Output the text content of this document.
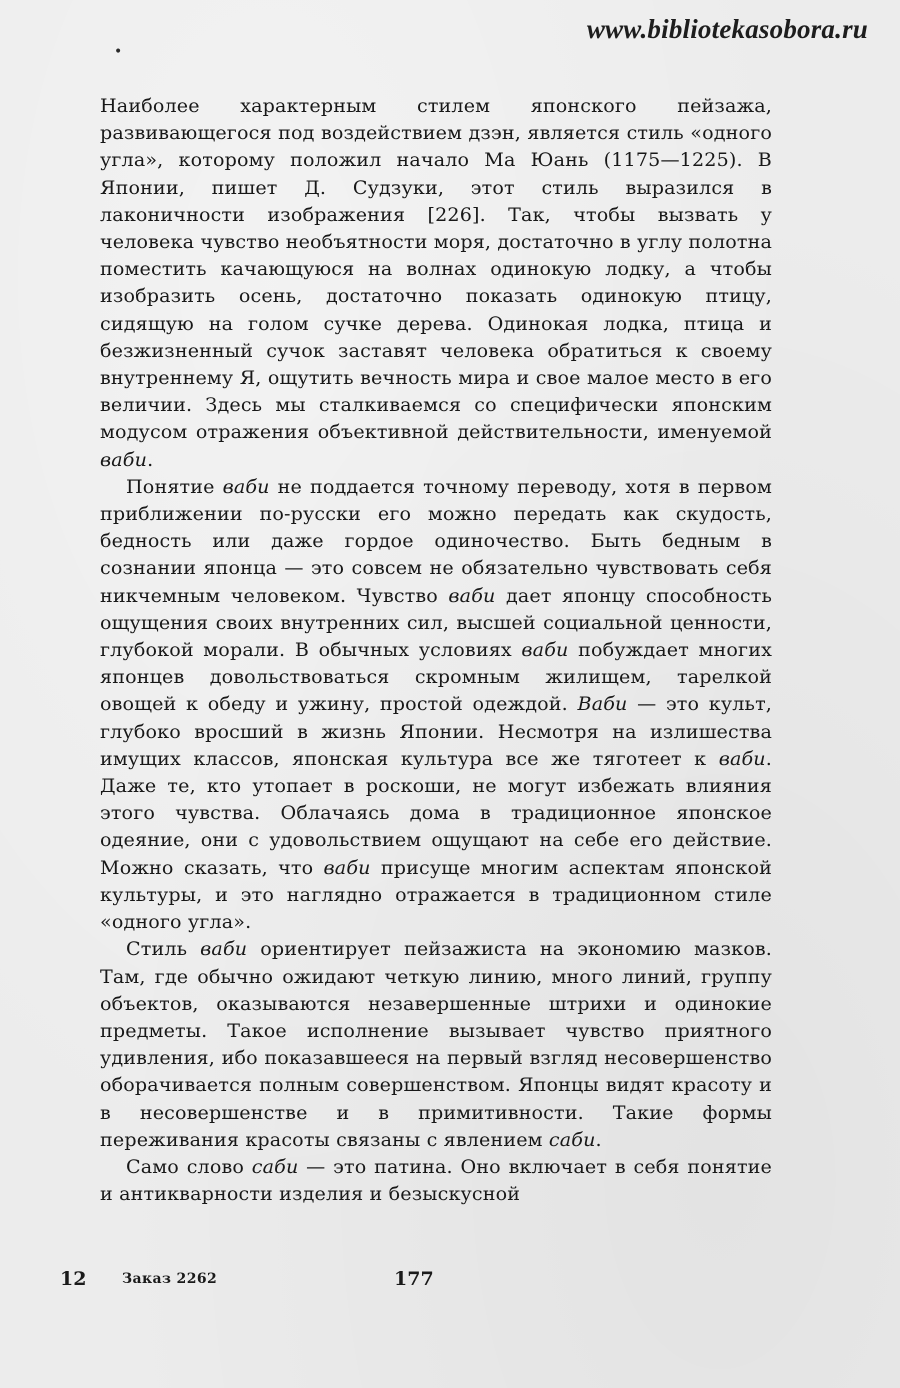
www.bibliotekasobora.ru
•

Наиболее характерным стилем японского пейзажа, развивающегося под воздействием дзэн, является стиль «одного угла», которому положил начало Ма Юань (1175—1225). В Японии, пишет Д. Судзуки, этот стиль выразился в лаконичности изображения [226]. Так, чтобы вызвать у человека чувство необъятности моря, достаточно в углу полотна поместить качающуюся на волнах одинокую лодку, а чтобы изобразить осень, достаточно показать одинокую птицу, сидящую на голом сучке дерева. Одинокая лодка, птица и безжизненный сучок заставят человека обратиться к своему внутреннему Я, ощутить вечность мира и свое малое место в его величии. Здесь мы сталкиваемся со специфически японским модусом отражения объективной действительности, именуемой ваби.

Понятие ваби не поддается точному переводу, хотя в первом приближении по-русски его можно передать как скудость, бедность или даже гордое одиночество. Быть бедным в сознании японца — это совсем не обязательно чувствовать себя никчемным человеком. Чувство ваби дает японцу способность ощущения своих внутренних сил, высшей социальной ценности, глубокой морали. В обычных условиях ваби побуждает многих японцев довольствоваться скромным жилищем, тарелкой овощей к обеду и ужину, простой одеждой. Ваби — это культ, глубоко вросший в жизнь Японии. Несмотря на излишества имущих классов, японская культура все же тяготеет к ваби. Даже те, кто утопает в роскоши, не могут избежать влияния этого чувства. Облачаясь дома в традиционное японское одеяние, они с удовольствием ощущают на себе его действие. Можно сказать, что ваби присуще многим аспектам японской культуры, и это наглядно отражается в традиционном стиле «одного угла».

Стиль ваби ориентирует пейзажиста на экономию мазков. Там, где обычно ожидают четкую линию, много линий, группу объектов, оказываются незавершенные штрихи и одинокие предметы. Такое исполнение вызывает чувство приятного удивления, ибо показавшееся на первый взгляд несовершенство оборачивается полным совершенством. Японцы видят красоту и в несовершенстве и в примитивности. Такие формы переживания красоты связаны с явлением саби.

Само слово саби — это патина. Оно включает в себя понятие и антикварности изделия и безыскусной

12	Заказ 2262	177
